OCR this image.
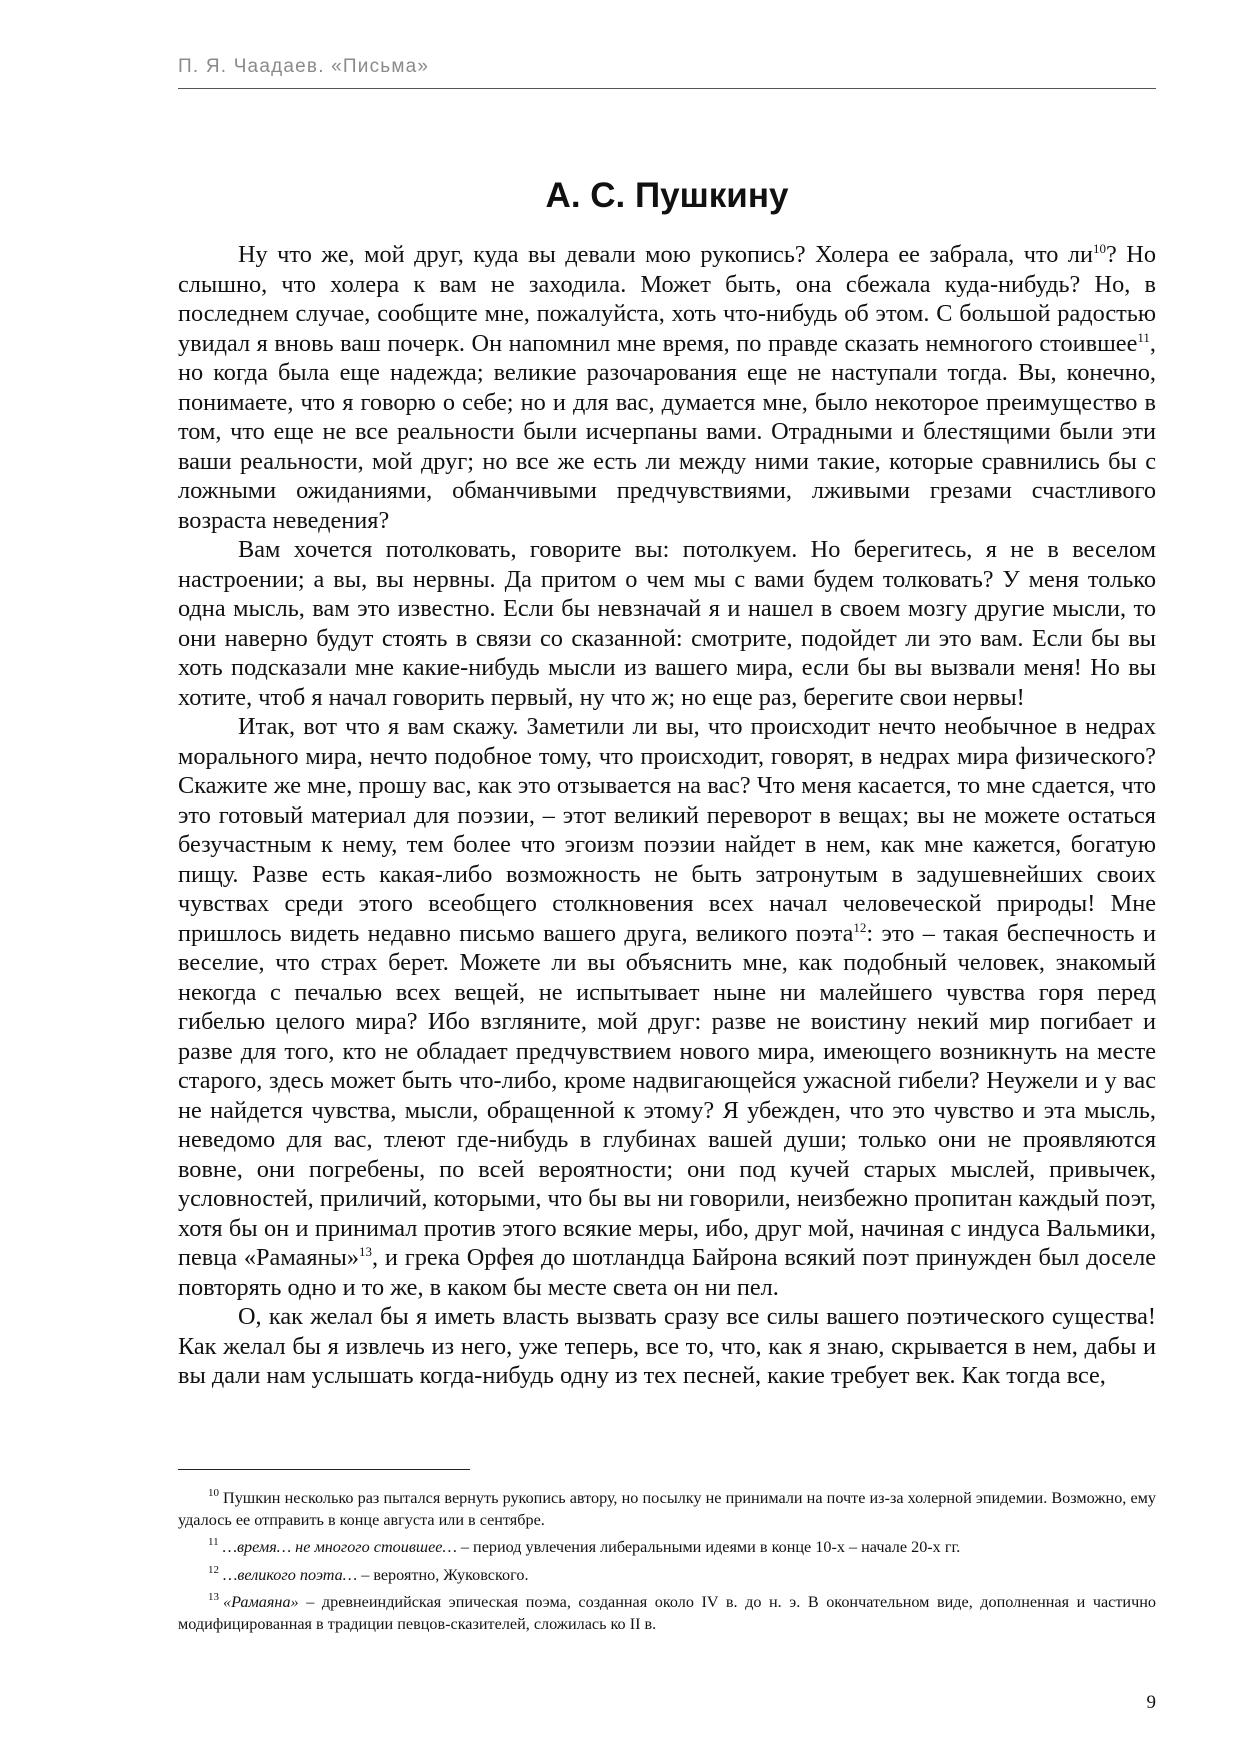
П. Я. Чаадаев. «Письма»
А. С. Пушкину

Ну что же, мой друг, куда вы девали мою рукопись? Холера ее забрала, что $ли^{10}$? Но слышно, что холера к вам не заходила. Может быть, она сбежала куда-нибудь? Но, в последнем случае, сообщите мне, пожалуйста, хоть что-нибудь об этом. С большой радостью увидал я вновь ваш почерк. Он напомнил мне время, по правде сказать немногого стоившее$^{11}$, но когда была еще надежда; великие разочарования еще не наступали тогда. Вы, конечно, понимаете, что я говорю о себе; но и для вас, думается мне, было некоторое преимущество в том, что еще не все реальности были исчерпаны вами. Отрадными и блестящими были эти ваши реальности, мой друг; но все же есть ли между ними такие, которые сравнились бы с ложными ожиданиями, обманчивыми предчувствиями, лживыми грезами счастливого возраста неведения?

Вам хочется потолковать, говорите вы: потолкуем. Но берегитесь, я не в веселом настроении; а вы, вы нервны. Да притом о чем мы с вами будем толковать? У меня только одна мысль, вам это известно. Если бы невзначай я и нашел в своем мозгу другие мысли, то они наверно будут стоять в связи со сказанной: смотрите, подойдет ли это вам. Если бы вы хоть подсказали мне какие-нибудь мысли из вашего мира, если бы вы вызвали меня! Но вы хотите, чтоб я начал говорить первый, ну что ж; но еще раз, берегите свои нервы!

Итак, вот что я вам скажу. Заметили ли вы, что происходит нечто необычное в недрах морального мира, нечто подобное тому, что происходит, говорят, в недрах мира физического? Скажите же мне, прошу вас, как это отзывается на вас? Что меня касается, то мне сдается, что это готовый материал для поэзии, – этот великий переворот в вещах; вы не можете остаться безучастным к нему, тем более что эгоизм поэзии найдет в нем, как мне кажется, богатую пищу. Разве есть какая-либо возможность не быть затронутым в задушевнейших своих чувствах среди этого всеобщего столкновения всех начал человеческой природы! Мне пришлось видеть недавно письмо вашего друга, великого поэта$^{12}$: это – такая беспечность и веселие, что страх берет. Можете ли вы объяснить мне, как подобный человек, знакомый некогда с печалью всех вещей, не испытывает ныне ни малейшего чувства горя перед гибелью целого мира? Ибо взгляните, мой друг: разве не воистину некий мир погибает и разве для того, кто не обладает предчувствием нового мира, имеющего возникнуть на месте старого, здесь может быть что-либо, кроме надвигающейся ужасной гибели? Неужели и у вас не найдется чувства, мысли, обращенной к этому? Я убежден, что это чувство и эта мысль, неведомо для вас, тлеют где-нибудь в глубинах вашей души; только они не проявляются вовне, они погребены, по всей вероятности; они под кучей старых мыслей, привычек, условностей, приличий, которыми, что бы вы ни говорили, неизбежно пропитан каждый поэт, хотя бы он и принимал против этого всякие меры, ибо, друг мой, начиная с индуса Вальмики, певца «Рамаяны»$^{13}$, и грека Орфея до шотландца Байрона всякий поэт принужден был доселе повторять одно и то же, в каком бы месте света он ни пел.

О, как желал бы я иметь власть вызвать сразу все силы вашего поэтического существа! Как желал бы я извлечь из него, уже теперь, все то, что, как я знаю, скрывается в нем, дабы и вы дали нам услышать когда-нибудь одну из тех песней, какие требует век. Как тогда все,

$^{10}$ Пушкин несколько раз пытался вернуть рукопись автору, но посылку не принимали на почте из-за холерной эпидемии. Возможно, ему удалось ее отправить в конце августа или в сентябре.

$^{11}$ …время… не многого стоившее… – период увлечения либеральными идеями в конце 10-х – начале 20-х гг.

$^{12}$ …великого поэта… – вероятно, Жуковского.

$^{13}$ «Рамаяна» – древнеиндийская эпическая поэма, созданная около IV в. до н. э. В окончательном виде, дополненная и частично модифицированная в традиции певцов-сказителей, сложилась ко II в.

9
